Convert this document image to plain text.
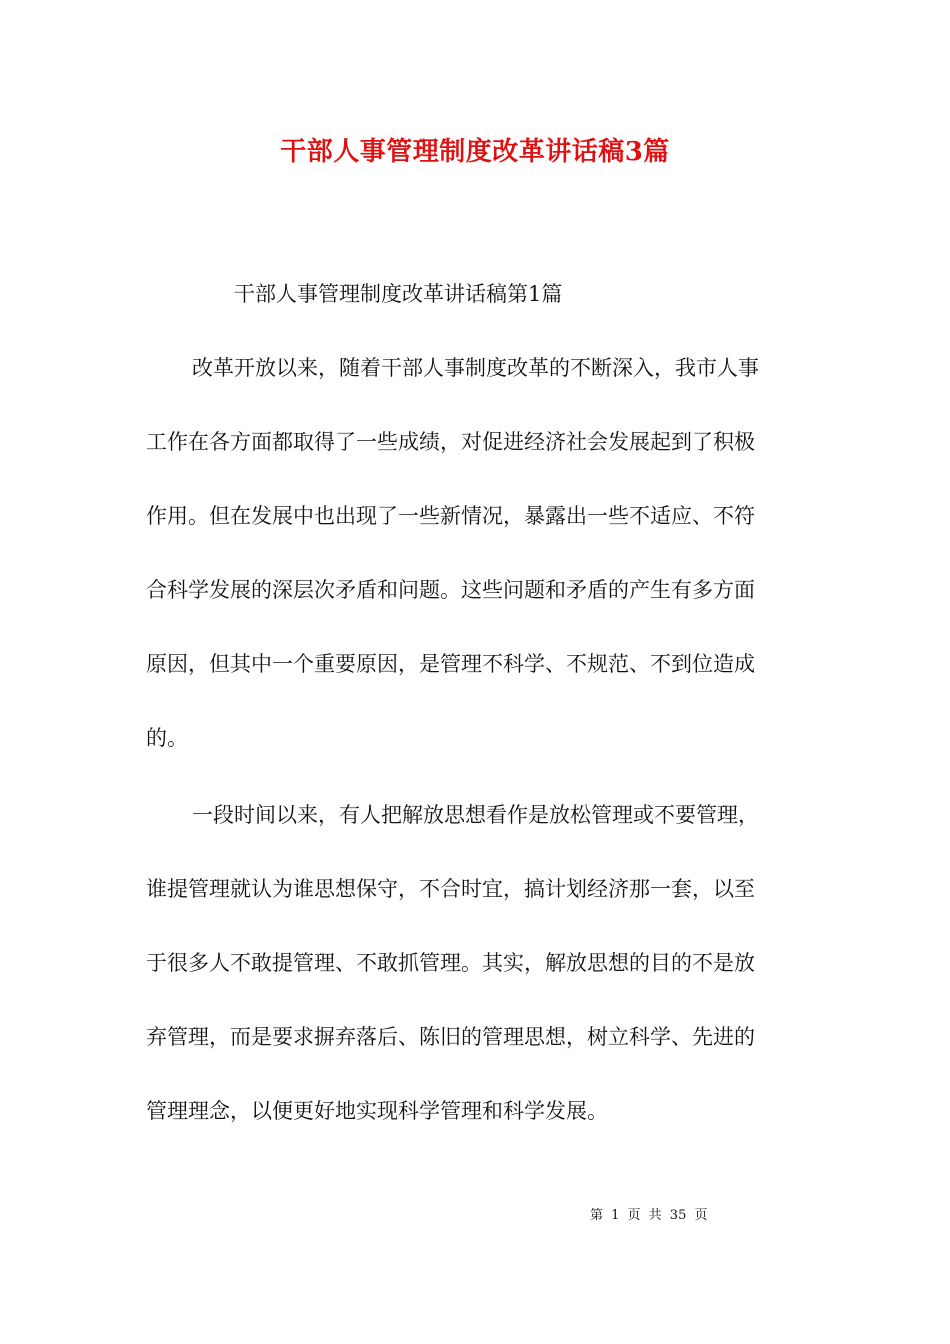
干部人事管理制度改革讲话稿3篇
干部人事管理制度改革讲话稿第1篇
改革开放以来，随着干部人事制度改革的不断深入，我市人事
工作在各方面都取得了一些成绩，对促进经济社会发展起到了积极
作用。但在发展中也出现了一些新情况，暴露出一些不适应、不符
合科学发展的深层次矛盾和问题。这些问题和矛盾的产生有多方面
原因，但其中一个重要原因，是管理不科学、不规范、不到位造成
的。
一段时间以来，有人把解放思想看作是放松管理或不要管理，
谁提管理就认为谁思想保守，不合时宜，搞计划经济那一套，以至
于很多人不敢提管理、不敢抓管理。其实，解放思想的目的不是放
弃管理，而是要求摒弃落后、陈旧的管理思想，树立科学、先进的
管理理念，以便更好地实现科学管理和科学发展。
第 1 页 共 35 页
